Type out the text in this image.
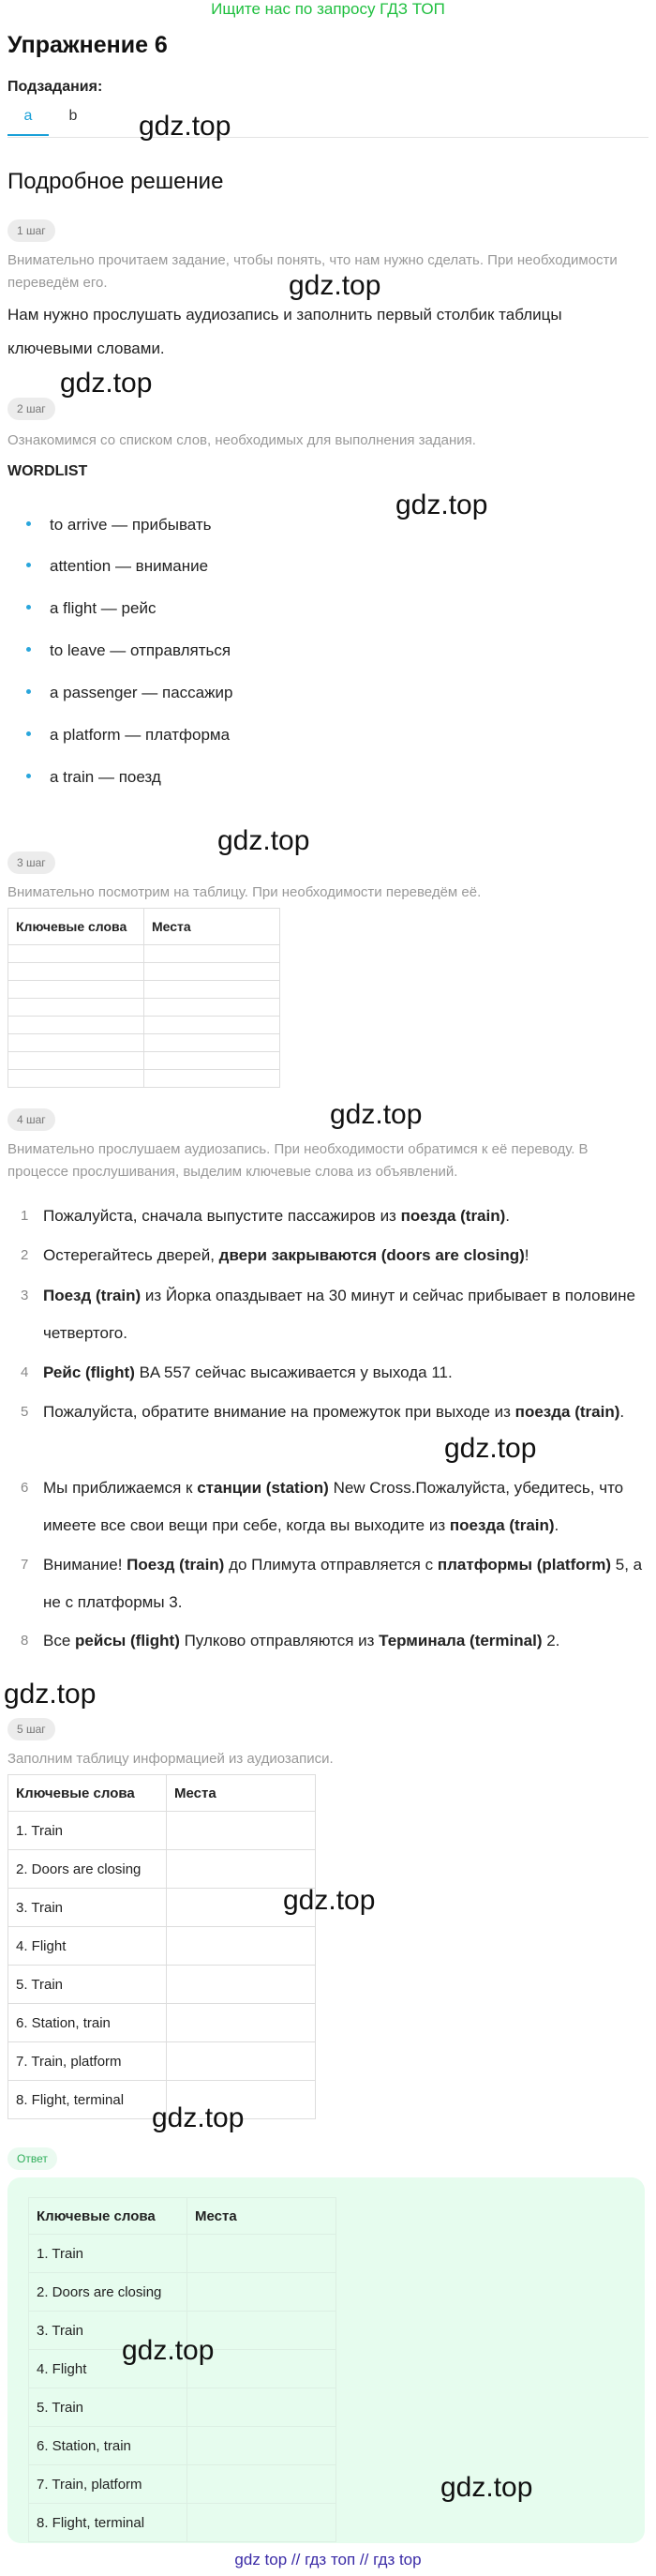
Ищите нас по запросу ГДЗ ТОП
Упражнение 6
Подзадания:
a	b	gdz.top
Подробное решение
1 шаг
Внимательно прочитаем задание, чтобы понять, что нам нужно сделать. При необходимости переведём его.	gdz.top
Нам нужно прослушать аудиозапись и заполнить первый столбик таблицы ключевыми словами.
gdz.top
2 шаг
Ознакомимся со списком слов, необходимых для выполнения задания.
WORDLIST
gdz.top
to arrive — прибывать
attention — внимание
a flight — рейс
to leave — отправляться
a passenger — пассажир
a platform — платформа
a train — поезд
gdz.top
3 шаг
Внимательно посмотрим на таблицу. При необходимости переведём её.
Ключевые слова	Места

gdz.top
4 шаг
Внимательно прослушаем аудиозапись. При необходимости обратимся к её переводу. В процессе прослушивания, выделим ключевые слова из объявлений.
1 Пожалуйста, сначала выпустите пассажиров из поезда (train).
2 Остерегайтесь дверей, двери закрываются (doors are closing)!
3 Поезд (train) из Йорка опаздывает на 30 минут и сейчас прибывает в половине четвертого.
4 Рейс (flight) BA 557 сейчас высаживается у выхода 11.
5 Пожалуйста, обратите внимание на промежуток при выходе из поезда (train).
6 Мы приближаемся к станции (station) New Cross.Пожалуйста, убедитесь, что имеете все свои вещи при себе, когда вы выходите из поезда (train).
7 Внимание! Поезд (train) до Плимута отправляется с платформы (platform) 5, а не с платформы 3.
8 Все рейсы (flight) Пулково отправляются из Терминала (terminal) 2.
gdz.top
gdz.top
5 шаг
Заполним таблицу информацией из аудиозаписи.
Ключевые слова	Места
1. Train	
2. Doors are closing	
3. Train	
4. Flight	
5. Train	
6. Station, train	
7. Train, platform	
8. Flight, terminal	
gdz.top
gdz.top
Ответ
Ключевые слова	Места
1. Train	
2. Doors are closing	
3. Train	
4. Flight	
5. Train	
6. Station, train	
7. Train, platform	
8. Flight, terminal	
gdz.top
gdz.top
gdz top // гдз топ // гдз top
